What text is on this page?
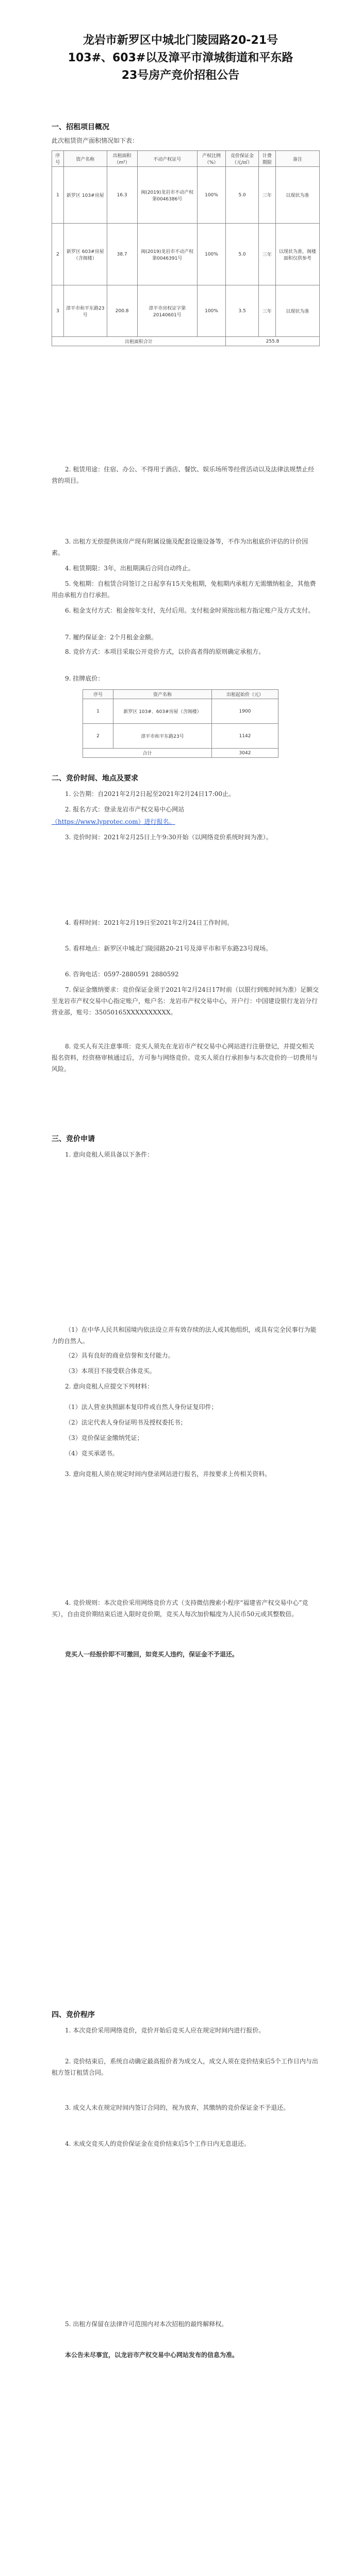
龙岩市新罗区中城北门陵园路20-21号
103#、603#以及漳平市漳城街道和平东路
23号房产竞价招租公告
一、招租项目概况

此次租赁资产面积情况如下表：

序号	资产名称	出租面积（m²）	不动产权证号	产权比例（%）	竞价保证金（元/㎡）	计费期限	备注
1	新罗区 103#房屋	16.3	闽(2019)龙岩市不动产权第0046386号	100%	5.0	三年	以现状为准
2	新罗区 603#房屋（含阁楼）	38.7	闽(2019)龙岩市不动产权第0046391号	100%	5.0	三年	以现状为准，阁楼面积仅供参考
3	漳平市和平东路23号	200.8	漳平市房权证字第20140601号	100%	3.5	三年	以现状为准
出租面积合计					255.8		

2. 租赁用途：住宿、办公、不得用于酒店、餐饮、娱乐场所等经营活动以及法律法规禁止经营的项目。

3. 出租方无偿提供该房产现有附属设施及配套设施设备等，不作为出租底价评估的计价因素。

4. 租赁期限：3年，出租期满后合同自动终止。

5. 免租期：自租赁合同签订之日起享有15天免租期，免租期内承租方无需缴纳租金，其他费用由承租方自行承担。

6. 租金支付方式：租金按年支付，先付后用。支付租金时须按出租方指定账户及方式支付。

7. 履约保证金：2个月租金金额。

8. 竞价方式：本项目采取公开竞价方式，以价高者得的原则确定承租方。

9. 挂牌底价：

序号	资产名称	出租起始价（元）
1	新罗区 103#、603#房屋（含阁楼）	1900
2	漳平市和平东路23号	1142
合计		3042
二、竞价时间、地点及要求

1. 公告期：自2021年2月2日起至2021年2月24日17:00止。

2. 报名方式：登录龙岩市产权交易中心网站

（https://www.lyprotec.com）进行报名。

3. 竞价时间：2021年2月25日上午9:30开始（以网络竞价系统时间为准）。

4. 看样时间：2021年2月19日至2021年2月24日工作时间。

5. 看样地点：新罗区中城北门陵园路20-21号及漳平市和平东路23号现场。

6. 咨询电话：0597-2880591 2880592

7. 保证金缴纳要求：竞价保证金须于2021年2月24日17时前（以银行到账时间为准）足额交至龙岩市产权交易中心指定账户，账户名：龙岩市产权交易中心，开户行：中国建设银行龙岩分行营业部，账号：35050165XXXXXXXXXX。

8. 竞买人有关注意事项：竞买人须先在龙岩市产权交易中心网站进行注册登记，并提交相关报名资料，经资格审核通过后，方可参与网络竞价。竞买人须自行承担参与本次竞价的一切费用与风险。

三、竞价申请

1. 意向竞租人须具备以下条件：

（1）在中华人民共和国境内依法设立并有效存续的法人或其他组织，或具有完全民事行为能力的自然人。

（2）具有良好的商业信誉和支付能力。

（3）本项目不接受联合体竞买。

2. 意向竞租人应提交下列材料：

（1）法人营业执照副本复印件或自然人身份证复印件；

（2）法定代表人身份证明书及授权委托书；

（3）竞价保证金缴纳凭证；

（4）竞买承诺书。

3. 意向竞租人须在规定时间内登录网站进行报名，并按要求上传相关资料。

4. 竞价规则：本次竞价采用网络竞价方式（支持微信搜索小程序“福建省产权交易中心”竞买），自由竞价期结束后进入限时竞价期，竞买人每次加价幅度为人民币50元或其整数倍。

竞买人一经报价即不可撤回，如竞买人违约，保证金不予退还。

四、竞价程序

1. 本次竞价采用网络竞价，竞价开始后竞买人应在规定时间内进行报价。

2. 竞价结束后，系统自动确定最高报价者为成交人，成交人须在竞价结束后5个工作日内与出租方签订租赁合同。

3. 成交人未在规定时间内签订合同的，视为放弃，其缴纳的竞价保证金不予退还。

4. 未成交竞买人的竞价保证金在竞价结束后5个工作日内无息退还。

5. 出租方保留在法律许可范围内对本次招租的最终解释权。

本公告未尽事宜，以龙岩市产权交易中心网站发布的信息为准。
